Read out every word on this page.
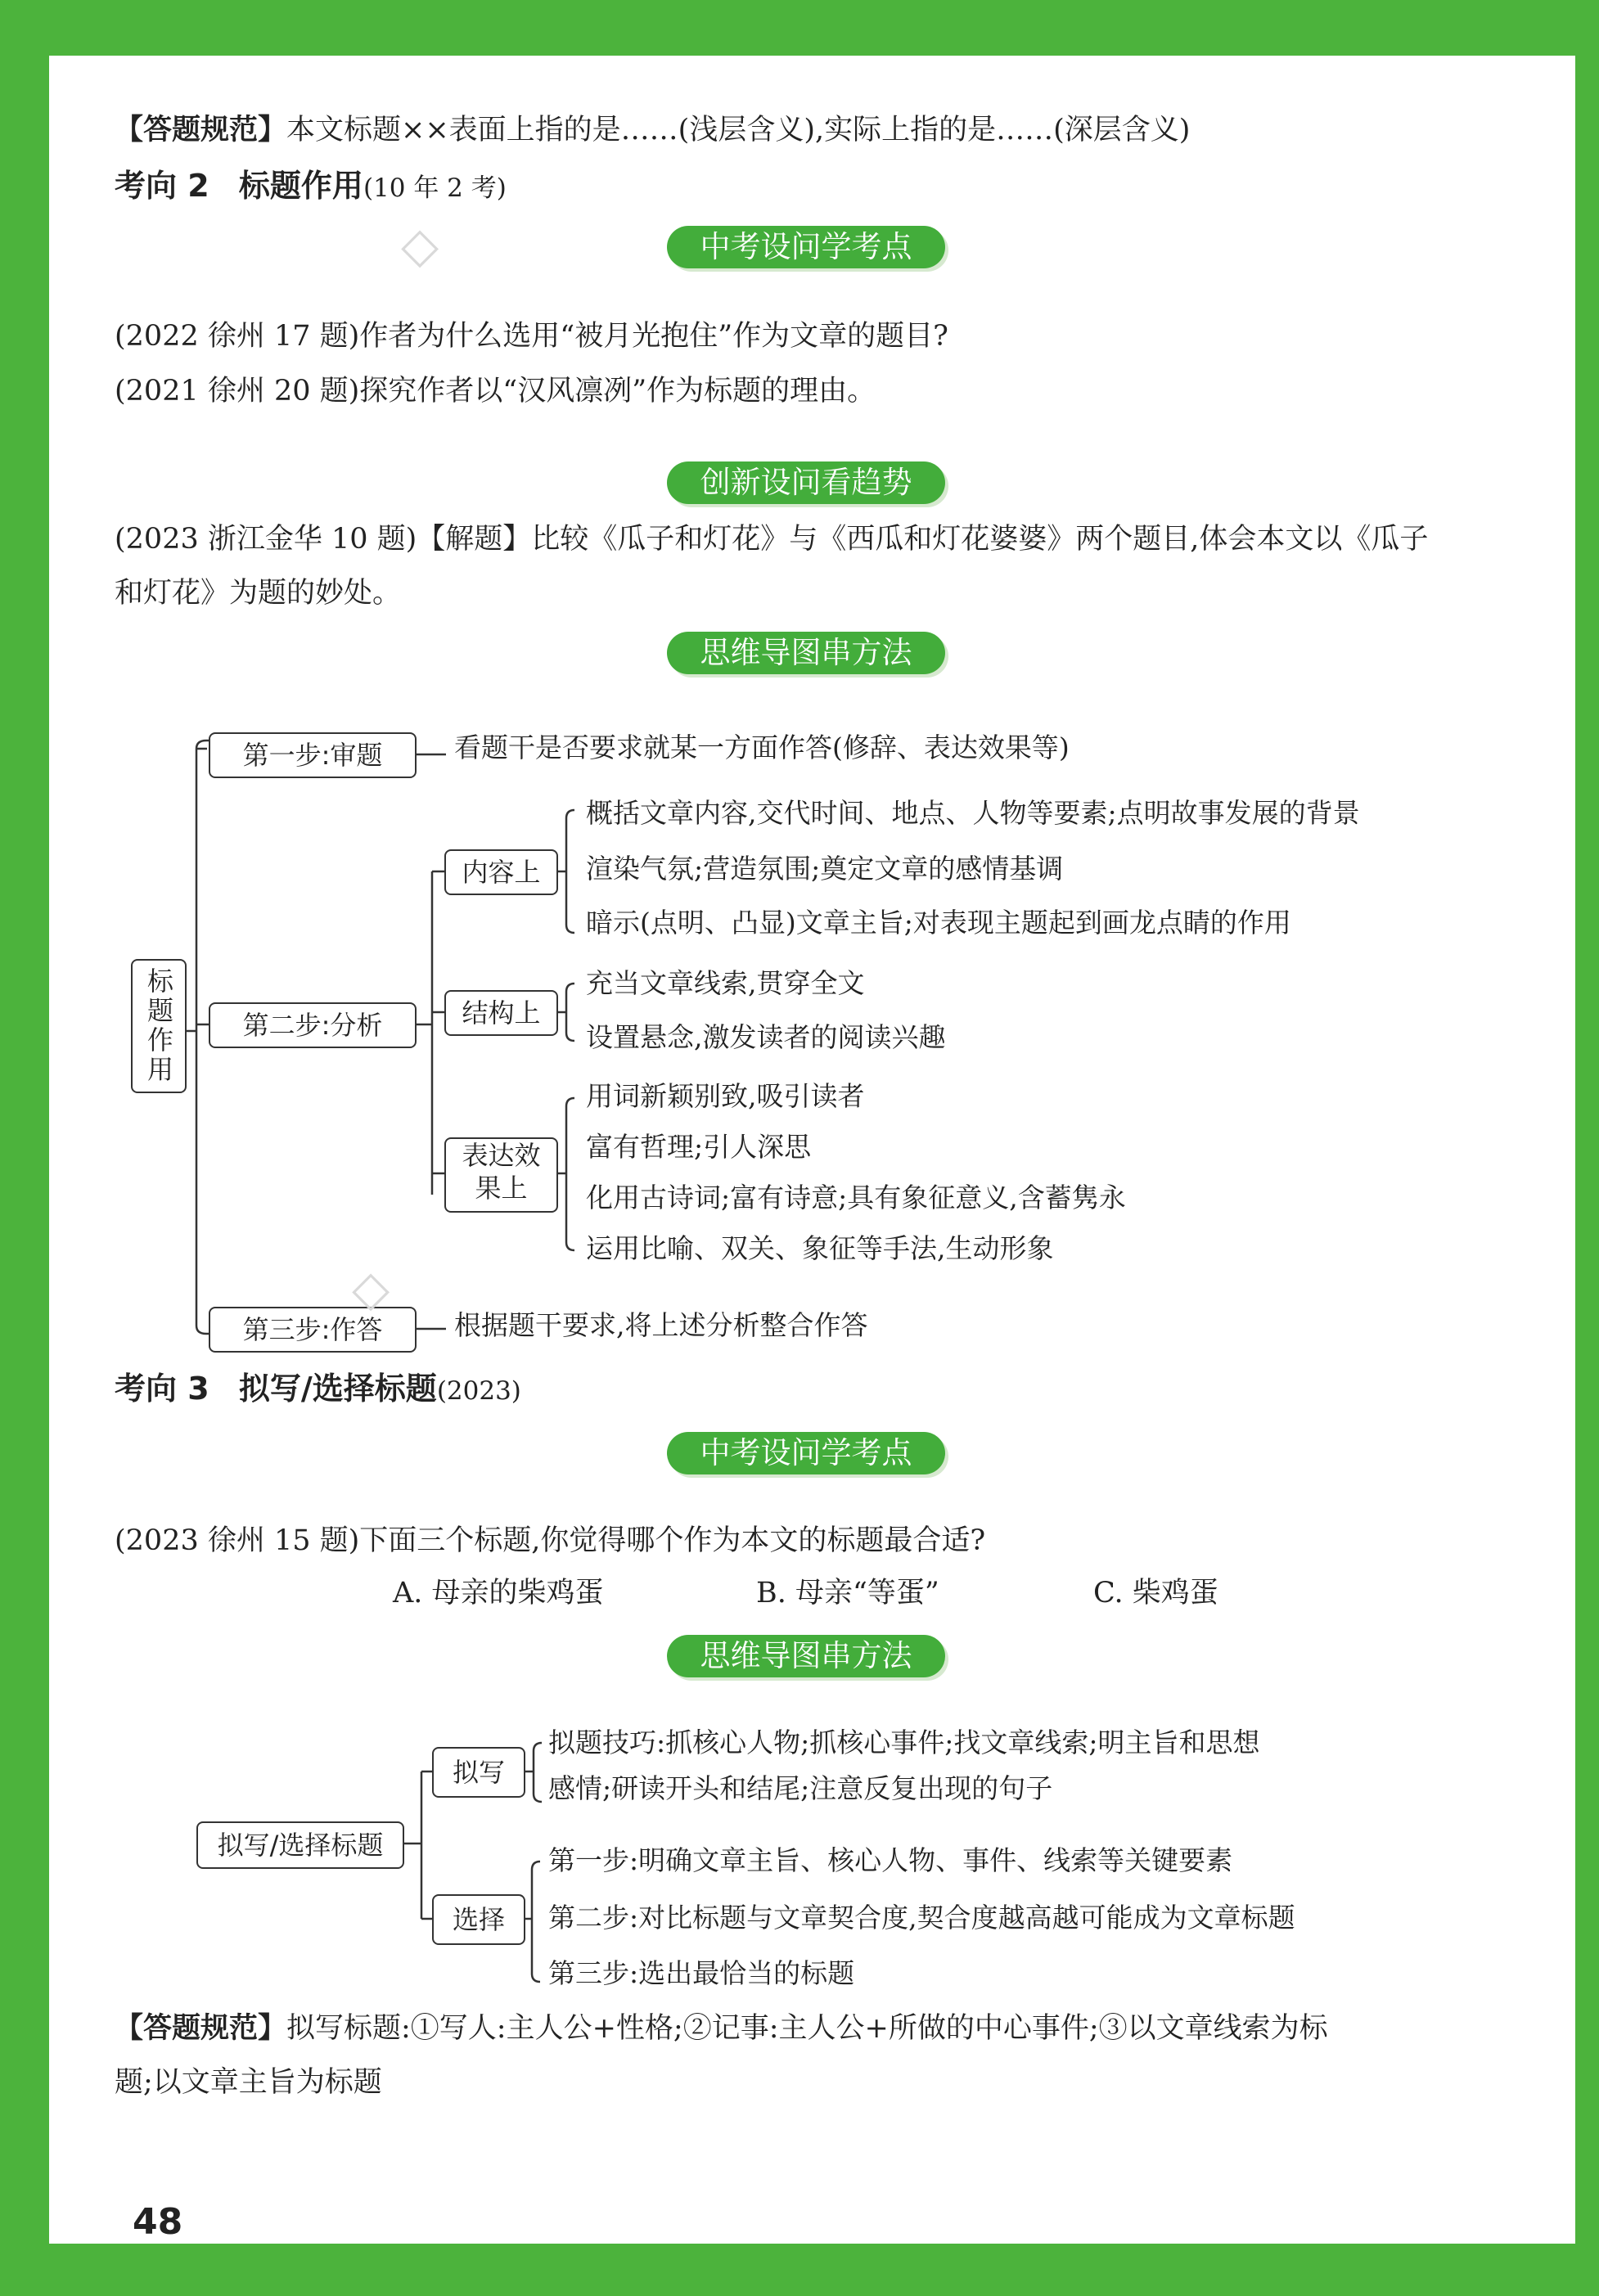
【答题规范】本文标题××表面上指的是……(浅层含义),实际上指的是……(深层含义)
考向 2 标题作用(10 年 2 考)
◇	中考设问学考点
(2022 徐州 17 题)作者为什么选用“被月光抱住”作为文章的题目?
(2021 徐州 20 题)探究作者以“汉风凛冽”作为标题的理由。
创新设问看趋势
(2023 浙江金华 10 题)【解题】比较《瓜子和灯花》与《西瓜和灯花婆婆》两个题目,体会本文以《瓜子
和灯花》为题的妙处。
思维导图串方法
标题作用
第一步:审题	看题干是否要求就某一方面作答(修辞、表达效果等)
第二步:分析
内容上
概括文章内容,交代时间、地点、人物等要素;点明故事发展的背景
渲染气氛;营造氛围;奠定文章的感情基调
暗示(点明、凸显)文章主旨;对表现主题起到画龙点睛的作用
结构上
充当文章线索,贯穿全文
设置悬念,激发读者的阅读兴趣
表达效
果上
用词新颖别致,吸引读者
富有哲理;引人深思
化用古诗词;富有诗意;具有象征意义,含蓄隽永
运用比喻、双关、象征等手法,生动形象
第三步:作答	根据题干要求,将上述分析整合作答
◇
考向 3 拟写/选择标题(2023)
中考设问学考点
(2023 徐州 15 题)下面三个标题,你觉得哪个作为本文的标题最合适?
A. 母亲的柴鸡蛋	B. 母亲“等蛋”	C. 柴鸡蛋
思维导图串方法
拟写/选择标题
拟写
拟题技巧:抓核心人物;抓核心事件;找文章线索;明主旨和思想
感情;研读开头和结尾;注意反复出现的句子
选择
第一步:明确文章主旨、核心人物、事件、线索等关键要素
第二步:对比标题与文章契合度,契合度越高越可能成为文章标题
第三步:选出最恰当的标题
【答题规范】拟写标题:①写人:主人公+性格;②记事:主人公+所做的中心事件;③以文章线索为标
题;以文章主旨为标题
48
